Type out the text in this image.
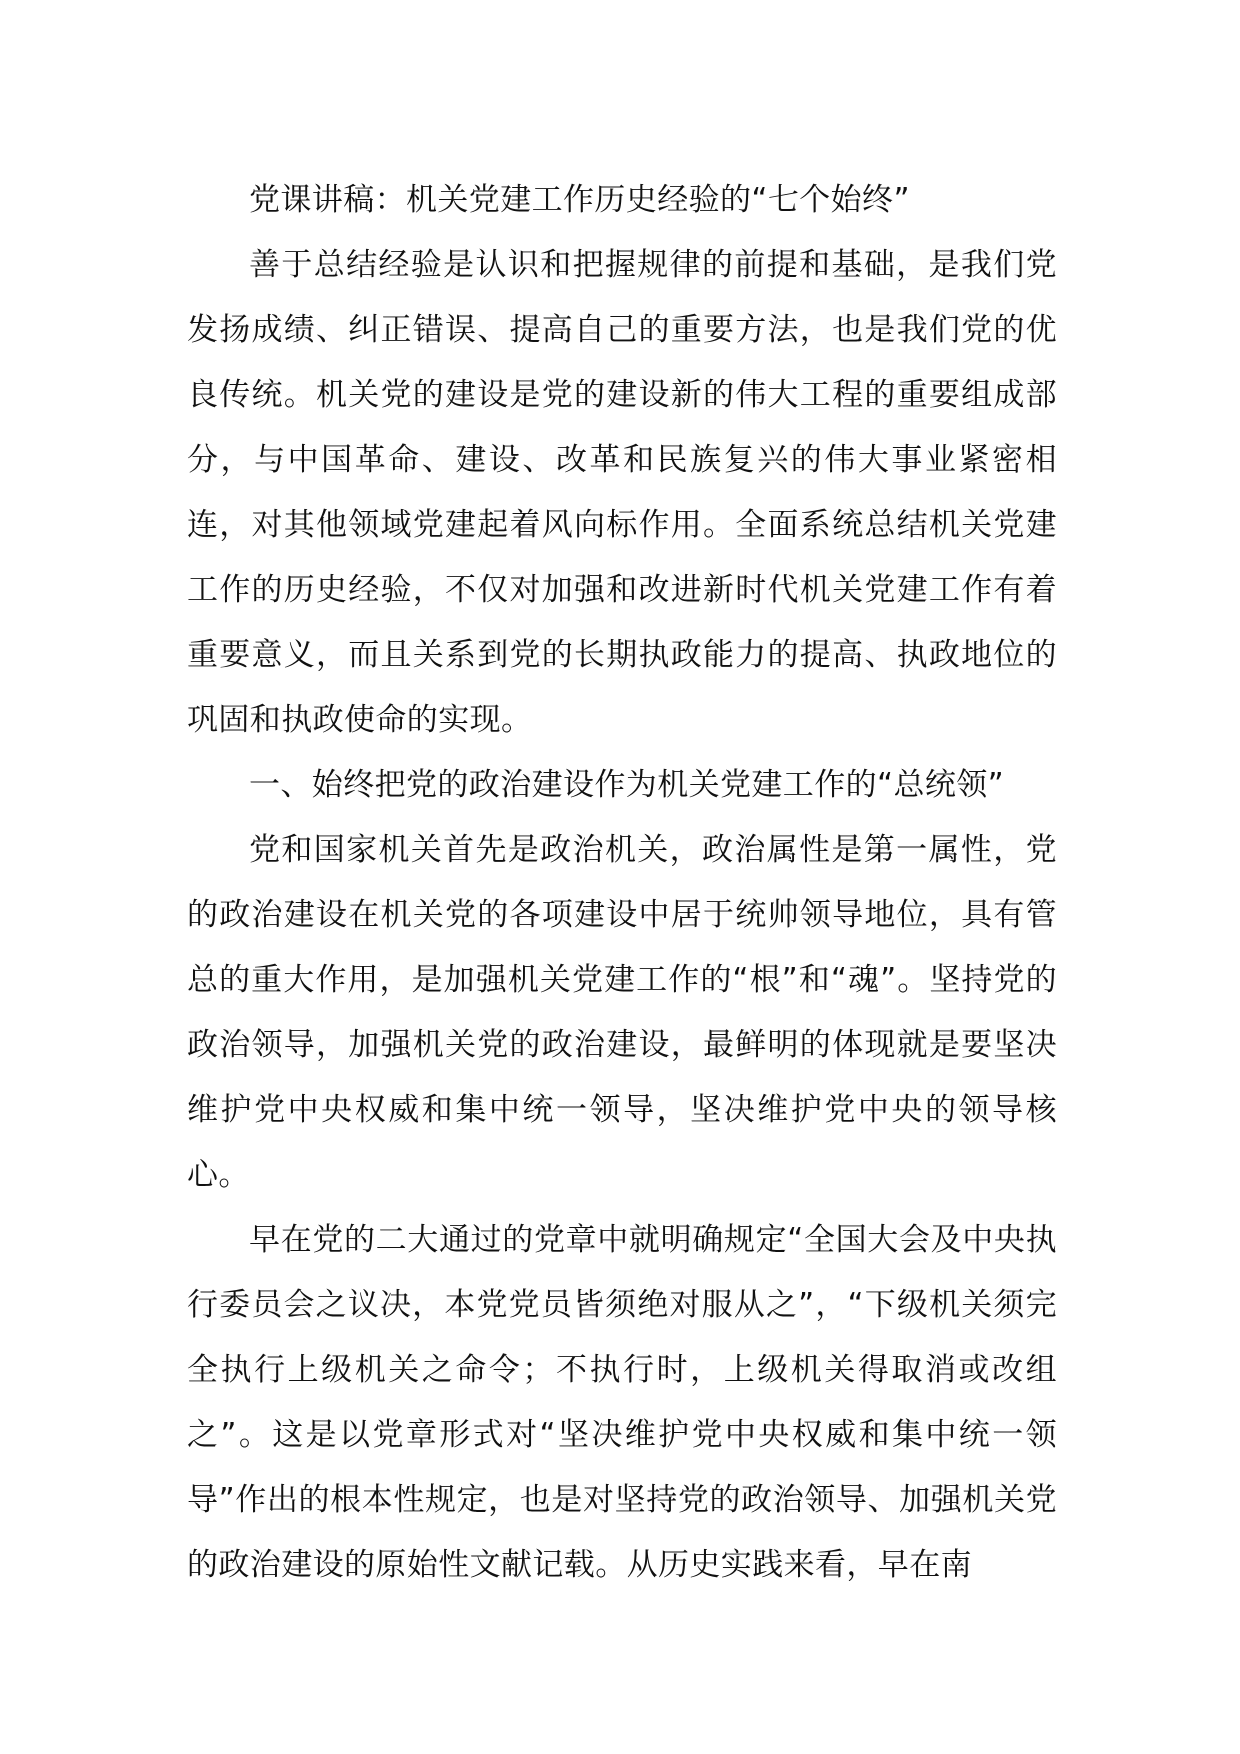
党课讲稿：机关党建工作历史经验的“七个始终”

善于总结经验是认识和把握规律的前提和基础，是我们党发扬成绩、纠正错误、提高自己的重要方法，也是我们党的优良传统。机关党的建设是党的建设新的伟大工程的重要组成部分，与中国革命、建设、改革和民族复兴的伟大事业紧密相连，对其他领域党建起着风向标作用。全面系统总结机关党建工作的历史经验，不仅对加强和改进新时代机关党建工作有着重要意义，而且关系到党的长期执政能力的提高、执政地位的巩固和执政使命的实现。

一、始终把党的政治建设作为机关党建工作的“总统领”

党和国家机关首先是政治机关，政治属性是第一属性，党的政治建设在机关党的各项建设中居于统帅领导地位，具有管总的重大作用，是加强机关党建工作的“根”和“魂”。坚持党的政治领导，加强机关党的政治建设，最鲜明的体现就是要坚决维护党中央权威和集中统一领导，坚决维护党中央的领导核心。

早在党的二大通过的党章中就明确规定“全国大会及中央执行委员会之议决，本党党员皆须绝对服从之”，“下级机关须完全执行上级机关之命令；不执行时，上级机关得取消或改组之”。这是以党章形式对“坚决维护党中央权威和集中统一领导”作出的根本性规定，也是对坚持党的政治领导、加强机关党的政治建设的原始性文献记载。从历史实践来看，早在南
